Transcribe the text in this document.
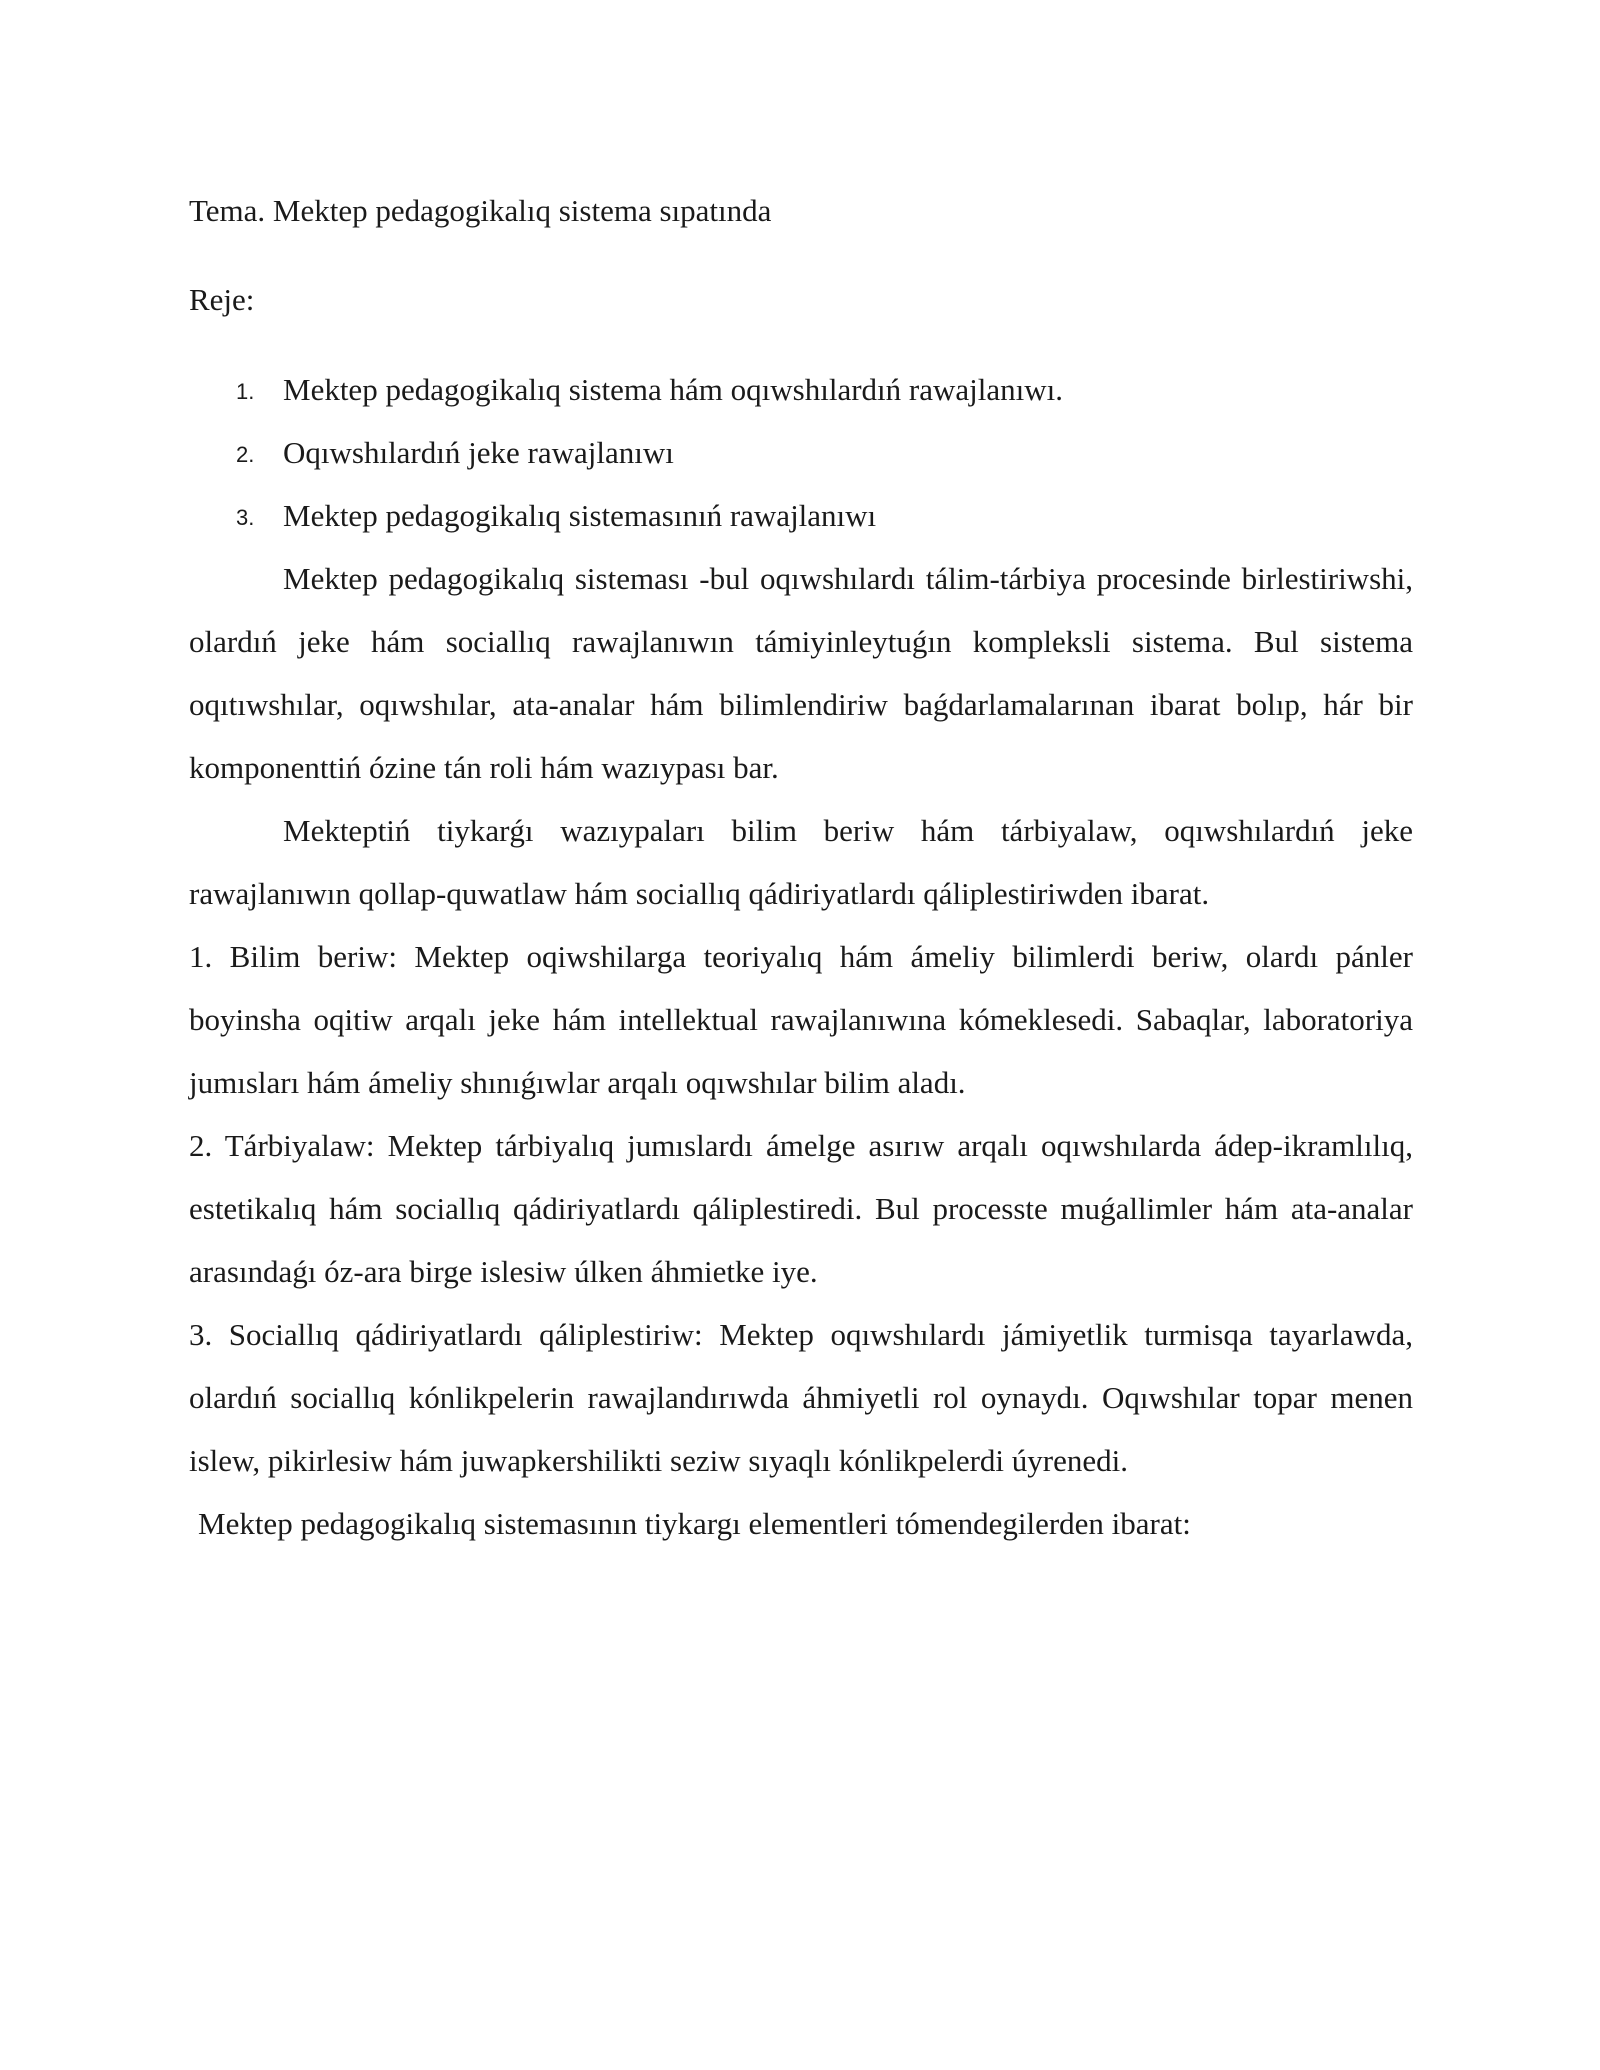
Tema. Mektep pedagogikalıq sistema sıpatında
Reje:
1. Mektep pedagogikalıq sistema hám oqıwshılardıń rawajlanıwı.
2. Oqıwshılardıń jeke rawajlanıwı
3. Mektep pedagogikalıq sistemasınıń rawajlanıwı

Mektep pedagogikalıq sisteması -bul oqıwshılardı tálim-tárbiya procesinde birlestiriwshi, olardıń jeke hám sociallıq rawajlanıwın támiyinleytuǵın kompleksli sistema. Bul sistema oqıtıwshılar, oqıwshılar, ata-analar hám bilimlendiriw baǵdarlamalarınan ibarat bolıp, hár bir komponenttiń ózine tán roli hám wazıypası bar.

Mekteptiń tiykarǵı wazıypaları bilim beriw hám tárbiyalaw, oqıwshılardıń jeke rawajlanıwın qollap-quwatlaw hám sociallıq qádiriyatlardı qáliplestiriwden ibarat.

1. Bilim beriw: Mektep oqiwshilarga teoriyalıq hám ámeliy bilimlerdi beriw, olardı pánler boyinsha oqitiw arqalı jeke hám intellektual rawajlanıwına kómeklesedi. Sabaqlar, laboratoriya jumısları hám ámeliy shınıǵıwlar arqalı oqıwshılar bilim aladı.

2. Tárbiyalaw: Mektep tárbiyalıq jumıslardı ámelge asırıw arqalı oqıwshılarda ádep-ikramlılıq, estetikalıq hám sociallıq qádiriyatlardı qáliplestiredi. Bul processte muǵallimler hám ata-analar arasındaǵı óz-ara birge islesiw úlken áhmietke iye.

3. Sociallıq qádiriyatlardı qáliplestiriw: Mektep oqıwshılardı jámiyetlik turmisqa tayarlawda, olardıń sociallıq kónlikpelerin rawajlandırıwda áhmiyetli rol oynaydı. Oqıwshılar topar menen islew, pikirlesiw hám juwapkershilikti seziw sıyaqlı kónlikpelerdi úyrenedi.

Mektep pedagogikalıq sistemasının tiykargı elementleri tómendegilerden ibarat:
